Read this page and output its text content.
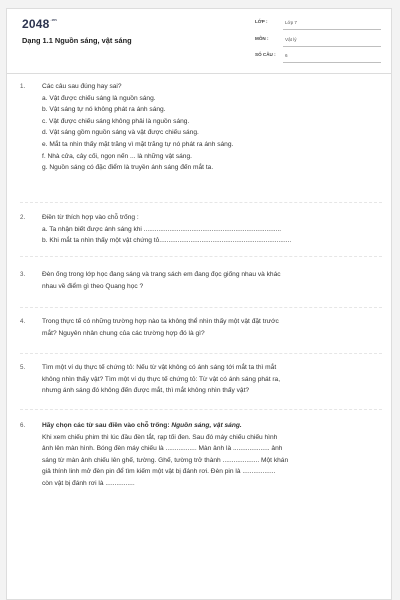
$2048^{.vn}$
Dạng 1.1 Nguồn sáng, vật sáng
LỚP :	Lớp 7
MÔN :	Vật lý
SỐ CÂU : 6
1.	Các câu sau đúng hay sai?
a. Vật được chiếu sáng là nguồn sáng.
b. Vật sáng tự nó không phát ra ánh sáng.
c. Vật được chiếu sáng không phải là nguồn sáng.
d. Vật sáng gồm nguồn sáng và vật được chiếu sáng.
e. Mắt ta nhìn thấy mặt trăng vì mặt trăng tự nó phát ra ánh sáng.
f. Nhà cửa, cây cối, ngọn nến ... là những vật sáng.
g. Nguồn sáng có đặc điểm là truyền ánh sáng đến mắt ta.
2.	Điền từ thích hợp vào chỗ trống :
a. Ta nhận biết được ánh sáng khi ...........................................................................
b. Khi mắt ta nhìn thấy một vật chứng tỏ........................................................................
3.	Đèn ống trong lớp học đang sáng và trang sách em đang đọc giống nhau và khác
nhau về điểm gì theo Quang học ?
4.	Trong thực tế có những trường hợp nào ta không thể nhìn thấy một vật đặt trước
mắt? Nguyên nhân chung của các trường hợp đó là gì?
5.	Tìm một ví dụ thực tế chứng tỏ: Nếu từ vật không có ánh sáng tới mắt ta thì mắt
không nhìn thấy vật? Tìm một ví dụ thực tế chứng tỏ: Từ vật có ánh sáng phát ra,
nhưng ánh sáng đó không đến được mắt, thì mắt không nhìn thấy vật?
6.	Hãy chọn các từ sau điền vào chỗ trống: Nguồn sáng, vật sáng.
Khi xem chiếu phim thì lúc đầu đèn tắt, rạp tối đen. Sau đó máy chiếu chiếu hình
ảnh lên màn hình. Bóng đèn máy chiếu là ................. Màn ảnh là .................... ảnh
sáng từ màn ảnh chiếu lên ghế, tường. Ghế, tường trở thành .................... Một khán
giả thính linh mở đèn pin để tìm kiếm một vật bị đánh rơi. Đèn pin là ..................
còn vật bị đánh rơi là ................
